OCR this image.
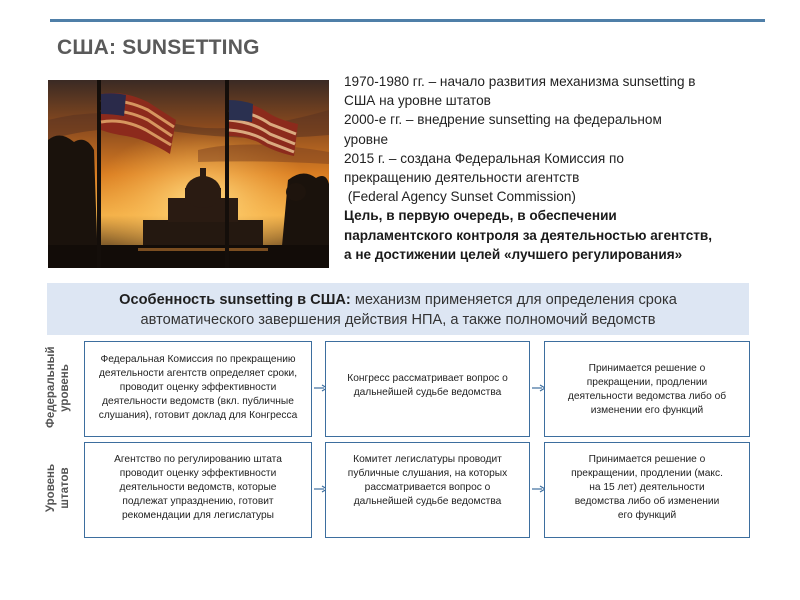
США: SUNSETTING
1970-1980 гг. – начало развития механизма sunsetting в
США на уровне штатов
2000-е гг. – внедрение sunsetting на федеральном
уровне
2015 г. – создана Федеральная Комиссия по
прекращению деятельности агентств
(Federal Agency Sunset Commission)
Цель, в первую очередь, в обеспечении
парламентского контроля за деятельностью агентств,
а не достижении целей «лучшего регулирования»
Особенность sunsetting в США: механизм применяется для определения срока
автоматического завершения действия НПА, а также полномочий ведомств
Федеральный уровень
Уровень штатов
Федеральная Комиссия по прекращению
деятельности агентств определяет сроки,
проводит оценку эффективности
деятельности ведомств (вкл. публичные
слушания), готовит доклад для Конгресса
Конгресс рассматривает вопрос о
дальнейшей судьбе ведомства
Принимается решение о
прекращении, продлении
деятельности ведомства либо об
изменении его функций
Агентство по регулированию штата
проводит оценку эффективности
деятельности ведомств, которые
подлежат упразднению, готовит
рекомендации для легислатуры
Комитет легислатуры проводит
публичные слушания, на которых
рассматривается вопрос о
дальнейшей судьбе ведомства
Принимается решение о
прекращении, продлении (макс.
на 15 лет) деятельности
ведомства либо об изменении
его функций
